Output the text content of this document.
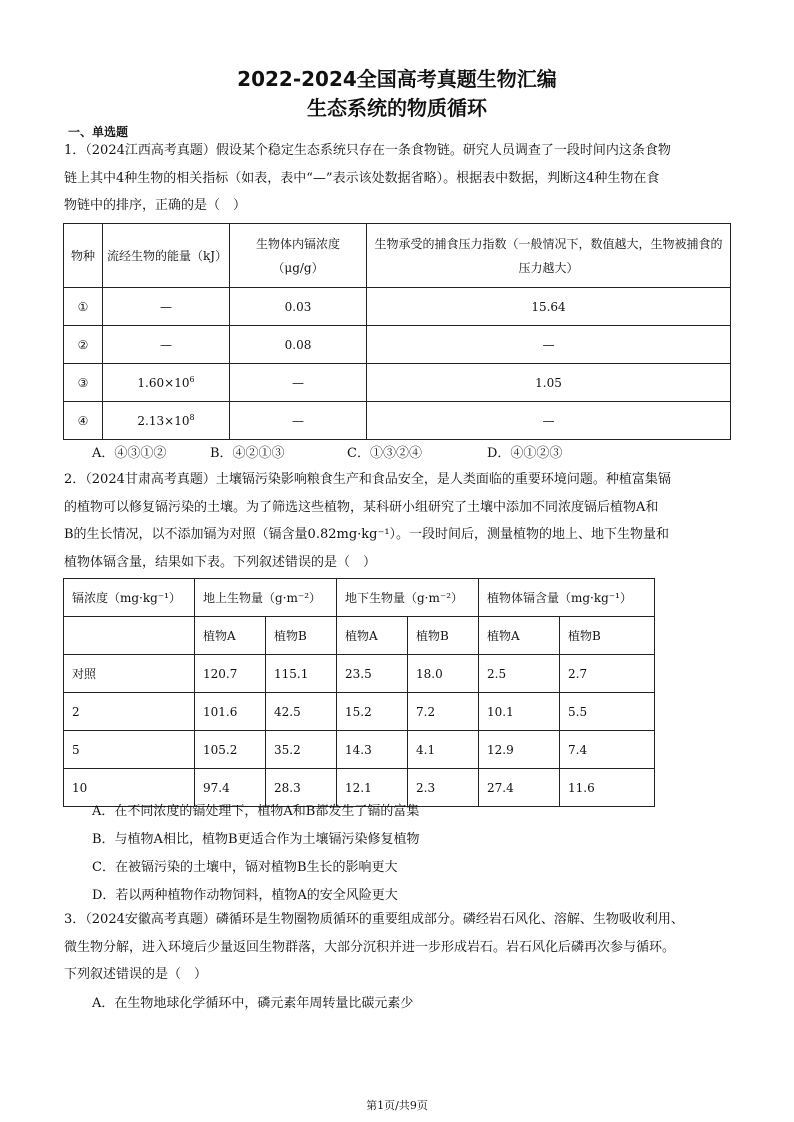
2022-2024全国高考真题生物汇编
生态系统的物质循环
一、单选题
1．（2024江西高考真题）假设某个稳定生态系统只存在一条食物链。研究人员调查了一段时间内这条食物
链上其中4种生物的相关指标（如表，表中“—”表示该处数据省略）。根据表中数据，判断这4种生物在食
物链中的排序，正确的是（　）
物种	流经生物的能量（kJ）	生物体内镉浓度（μg/g）	生物承受的捕食压力指数（一般情况下，数值越大，生物被捕食的压力越大）
①	—	0.03	15.64
②	—	0.08	—
③	$1.60\times 10^6$	—	1.05
④	$2.13\times 10^8$	—	—
A．④③①②	B．④②①③	C．①③②④	D．④①②③
2．（2024甘肃高考真题）土壤镉污染影响粮食生产和食品安全，是人类面临的重要环境问题。种植富集镉
的植物可以修复镉污染的土壤。为了筛选这些植物，某科研小组研究了土壤中添加不同浓度镉后植物A和
B的生长情况，以不添加镉为对照（镉含量0.82mg·kg⁻¹）。一段时间后，测量植物的地上、地下生物量和
植物体镉含量，结果如下表。下列叙述错误的是（　）
镉浓度（mg·kg⁻¹）	地上生物量（g·m⁻²）		地下生物量（g·m⁻²）		植物体镉含量（mg·kg⁻¹）	
	植物A	植物B	植物A	植物B	植物A	植物B
对照	120.7	115.1	23.5	18.0	2.5	2.7
2	101.6	42.5	15.2	7.2	10.1	5.5
5	105.2	35.2	14.3	4.1	12.9	7.4
10	97.4	28.3	12.1	2.3	27.4	11.6
A．在不同浓度的镉处理下，植物A和B都发生了镉的富集
B．与植物A相比，植物B更适合作为土壤镉污染修复植物
C．在被镉污染的土壤中，镉对植物B生长的影响更大
D．若以两种植物作动物饲料，植物A的安全风险更大
3．（2024安徽高考真题）磷循环是生物圈物质循环的重要组成部分。磷经岩石风化、溶解、生物吸收利用、
微生物分解，进入环境后少量返回生物群落，大部分沉积并进一步形成岩石。岩石风化后磷再次参与循环。
下列叙述错误的是（　）
A．在生物地球化学循环中，磷元素年周转量比碳元素少
第1页/共9页
